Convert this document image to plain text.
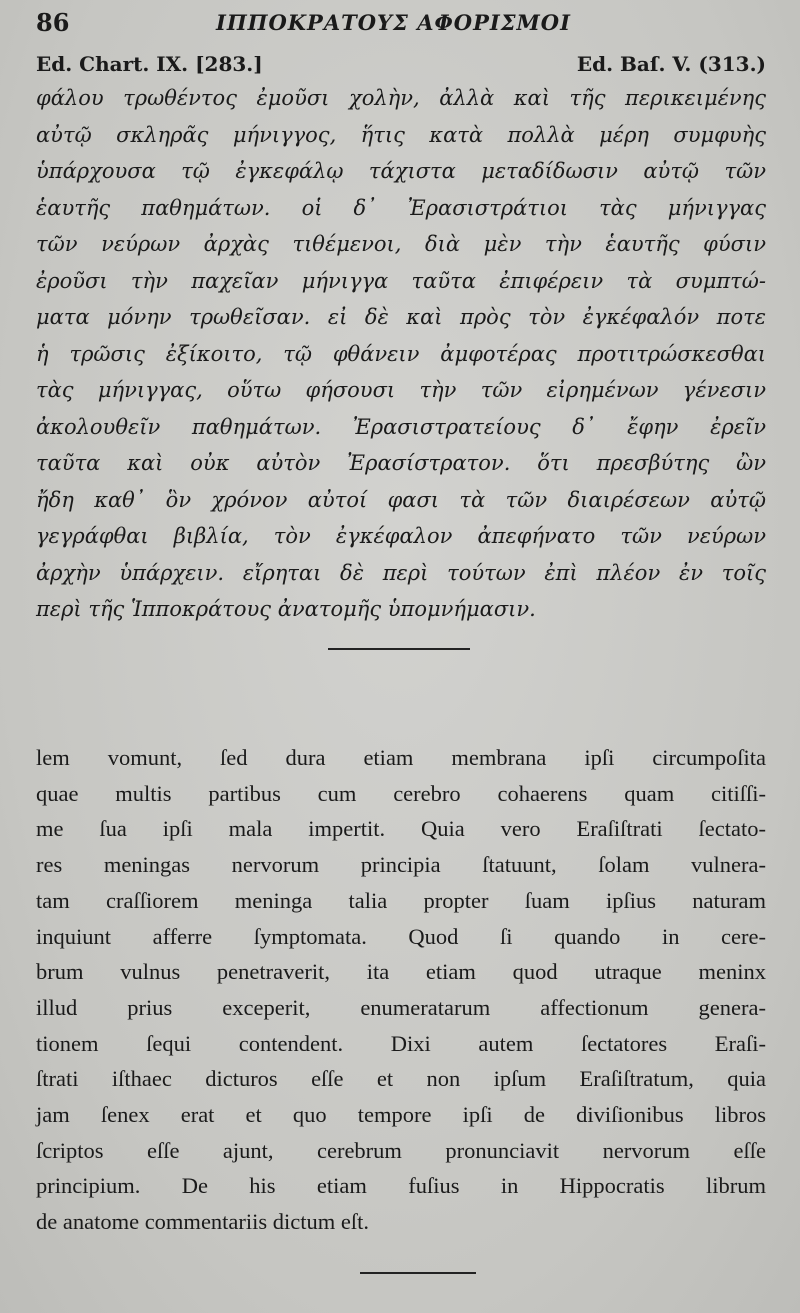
86	ΙΠΠΟΚΡΑΤΟΥΣ ΑΦΟΡΙΣΜΟΙ
Ed. Chart. IX. [283.]	Ed. Baſ. V. (313.)
φάλου τρωθέντος ἐμοῦσι χολὴν, ἀλλὰ καὶ τῆς περικειμένης
αὐτῷ σκληρᾶς μήνιγγος, ἥτις κατὰ πολλὰ μέρη συμφυὴς
ὑπάρχουσα τῷ ἐγκεφάλῳ τάχιστα μεταδίδωσιν αὐτῷ τῶν
ἑαυτῆς παθημάτων. οἱ δ᾽ Ἐρασιστράτιοι τὰς μήνιγγας
τῶν νεύρων ἀρχὰς τιθέμενοι, διὰ μὲν τὴν ἑαυτῆς φύσιν
ἐροῦσι τὴν παχεῖαν μήνιγγα ταῦτα ἐπιφέρειν τὰ συμπτώ-
ματα μόνην τρωθεῖσαν. εἰ δὲ καὶ πρὸς τὸν ἐγκέφαλόν ποτε
ἡ τρῶσις ἐξίκοιτο, τῷ φθάνειν ἀμφοτέρας προτιτρώσκεσθαι
τὰς μήνιγγας, οὕτω φήσουσι τὴν τῶν εἰρημένων γένεσιν
ἀκολουθεῖν παθημάτων. Ἐρασιστρατείους δ᾽ ἔφην ἐρεῖν
ταῦτα καὶ οὐκ αὐτὸν Ἐρασίστρατον. ὅτι πρεσβύτης ὢν
ἤδη καθ᾽ ὃν χρόνον αὐτοί φασι τὰ τῶν διαιρέσεων αὐτῷ
γεγράφθαι βιβλία, τὸν ἐγκέφαλον ἀπεφήνατο τῶν νεύρων
ἀρχὴν ὑπάρχειν. εἴρηται δὲ περὶ τούτων ἐπὶ πλέον ἐν τοῖς
περὶ τῆς Ἱπποκράτους ἀνατομῆς ὑπομνήμασιν.
lem vomunt, ſed dura etiam membrana ipſi circumpoſita
quae multis partibus cum cerebro cohaerens quam citiſſi-
me ſua ipſi mala impertit. Quia vero Eraſiſtrati ſectato-
res meningas nervorum principia ſtatuunt, ſolam vulnera-
tam craſſiorem meninga talia propter ſuam ipſius naturam
inquiunt afferre ſymptomata. Quod ſi quando in cere-
brum vulnus penetraverit, ita etiam quod utraque meninx
illud prius exceperit, enumeratarum affectionum genera-
tionem ſequi contendent. Dixi autem ſectatores Eraſi-
ſtrati iſthaec dicturos eſſe et non ipſum Eraſiſtratum, quia
jam ſenex erat et quo tempore ipſi de diviſionibus libros
ſcriptos eſſe ajunt, cerebrum pronunciavit nervorum eſſe
principium. De his etiam fuſius in Hippocratis librum
de anatome commentariis dictum eſt.
